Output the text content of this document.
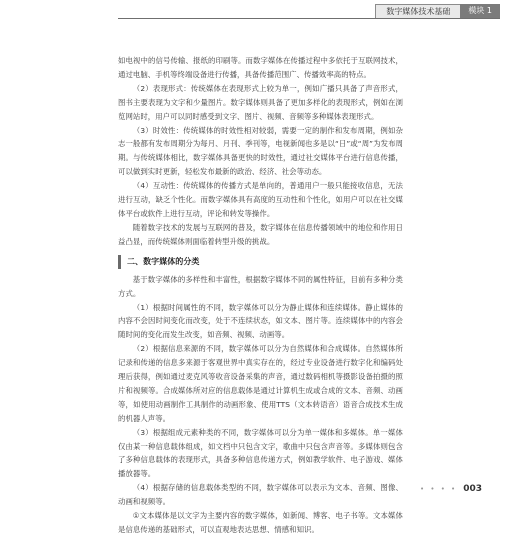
数字媒体技术基础	模块 1

如电视中的信号传输、报纸的印刷等。而数字媒体在传播过程中多依托于互联网技术，通过电脑、手机等终端设备进行传播，具备传播范围广、传播效率高的特点。

（2）表现形式：传统媒体在表现形式上较为单一，例如广播只具备了声音形式，图书主要表现为文字和少量图片。数字媒体则具备了更加多样化的表现形式，例如在浏览网站时，用户可以同时感受到文字、图片、视频、音频等多种媒体表现形式。

（3）时效性：传统媒体的时效性相对较弱，需要一定的制作和发布周期，例如杂志一般都有发布周期分为每月、月刊、季刊等，电视新闻也多是以“日”或“周”为发布周期。与传统媒体相比，数字媒体具备更快的时效性，通过社交媒体平台进行信息传播，可以做到实时更新，轻松发布最新的政治、经济、社会等动态。

（4）互动性：传统媒体的传播方式是单向的，普通用户一般只能接收信息，无法进行互动，缺乏个性化。而数字媒体具有高度的互动性和个性化，如用户可以在社交媒体平台或软件上进行互动，评论和转发等操作。

随着数字技术的发展与互联网的普及，数字媒体在信息传播领域中的地位和作用日益凸显，而传统媒体则面临着转型升级的挑战。

二、数字媒体的分类

基于数字媒体的多样性和丰富性，根据数字媒体不同的属性特征，目前有多种分类方式。

（1）根据时间属性的不同，数字媒体可以分为静止媒体和连续媒体。静止媒体的内容不会因时间变化而改变，处于不连续状态，如文本、图片等。连续媒体中的内容会随时间的变化而发生改变，如音频、视频、动画等。

（2）根据信息来源的不同，数字媒体可以分为自然媒体和合成媒体。自然媒体所记录和传递的信息多来源于客观世界中真实存在的，经过专业设备进行数字化和编码处理后获得，例如通过麦克风等收音设备采集的声音，通过数码相机等摄影设备拍摄的照片和视频等。合成媒体所对应的信息载体是通过计算机生成或合成的文本、音频、动画等，如使用动画制作工具制作的动画形象、使用TTS（文本转语音）语音合成技术生成的机器人声等。

（3）根据组成元素种类的不同，数字媒体可以分为单一媒体和多媒体。单一媒体仅由某一种信息载体组成，如文档中只包含文字，歌曲中只包含声音等。多媒体则包含了多种信息载体的表现形式，具备多种信息传递方式，例如教学软件、电子游戏、媒体播放器等。

（4）根据存储的信息载体类型的不同，数字媒体可以表示为文本、音频、图像、动画和视频等。

①文本媒体是以文字为主要内容的数字媒体，如新闻、博客、电子书等。文本媒体是信息传递的基础形式，可以直观地表达思想、情感和知识。

• • • • 003
